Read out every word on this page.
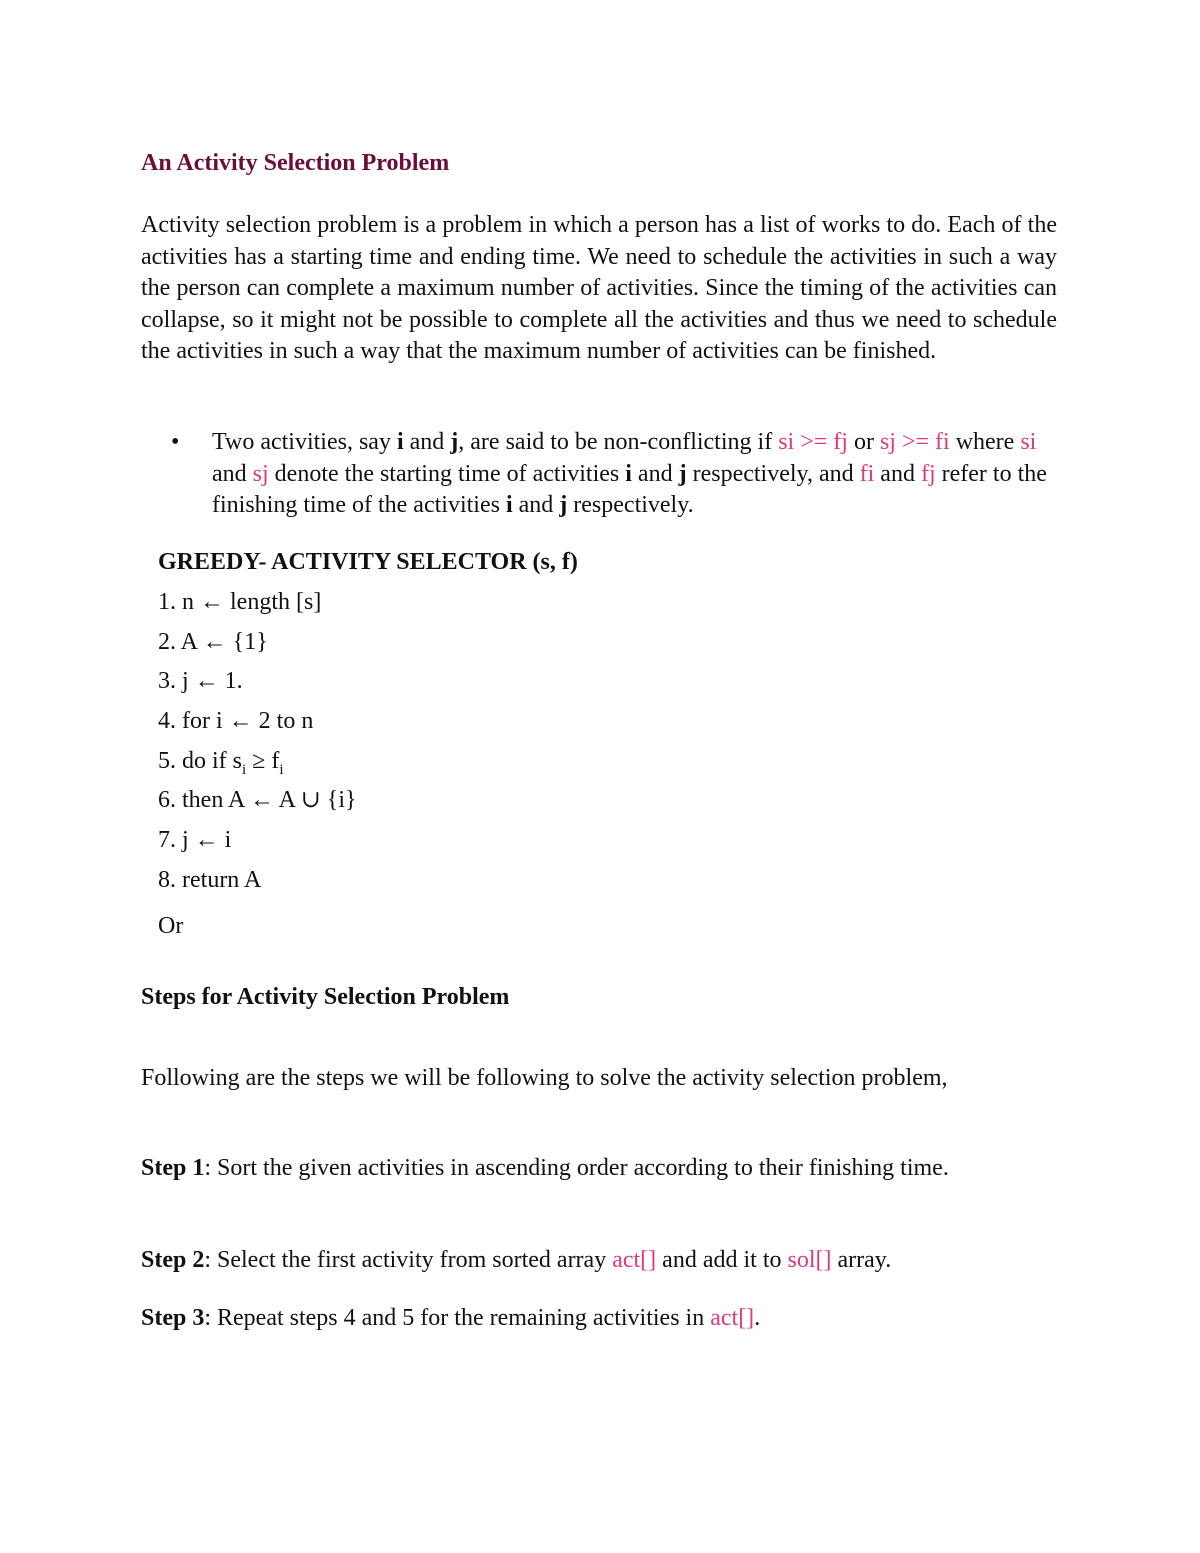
An Activity Selection Problem

Activity selection problem is a problem in which a person has a list of works to do. Each of the activities has a starting time and ending time. We need to schedule the activities in such a way the person can complete a maximum number of activities. Since the timing of the activities can collapse, so it might not be possible to complete all the activities and thus we need to schedule the activities in such a way that the maximum number of activities can be finished.

• Two activities, say i and j, are said to be non-conflicting if si >= fj or sj >= fi where si and sj denote the starting time of activities i and j respectively, and fi and fj refer to the finishing time of the activities i and j respectively.
GREEDY- ACTIVITY SELECTOR (s, f)
1. n ← length [s]
2. A ← {1}
3. j ← 1.
4. for i ← 2 to n
5. do if $s_i \ge f_i$
6. then A ← A ∪ {i}
7. j ← i
8. return A
Or
Steps for Activity Selection Problem

Following are the steps we will be following to solve the activity selection problem,

Step 1: Sort the given activities in ascending order according to their finishing time.

Step 2: Select the first activity from sorted array act[] and add it to sol[] array.

Step 3: Repeat steps 4 and 5 for the remaining activities in act[].
